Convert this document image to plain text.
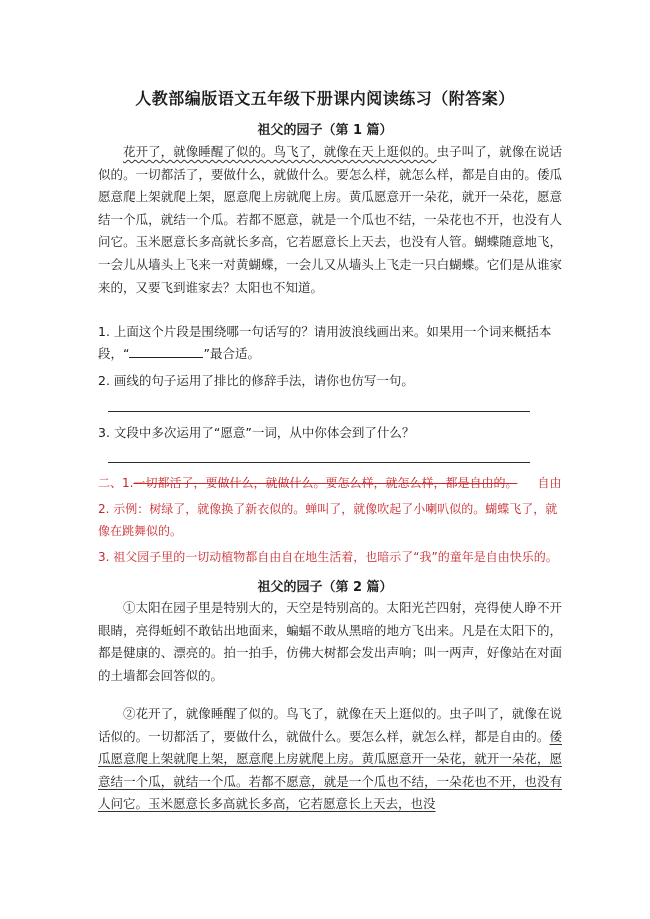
人教部编版语文五年级下册课内阅读练习（附答案）
祖父的园子（第 1 篇）
花开了，就像睡醒了似的。鸟飞了，就像在天上逛似的。虫子叫了，就像在说话似的。一切都活了，要做什么，就做什么。要怎么样，就怎么样，都是自由的。倭瓜愿意爬上架就爬上架，愿意爬上房就爬上房。黄瓜愿意开一朵花，就开一朵花，愿意结一个瓜，就结一个瓜。若都不愿意，就是一个瓜也不结，一朵花也不开，也没有人问它。玉米愿意长多高就长多高，它若愿意长上天去，也没有人管。蝴蝶随意地飞，一会儿从墙头上飞来一对黄蝴蝶，一会儿又从墙头上飞走一只白蝴蝶。它们是从谁家来的，又要飞到谁家去？太阳也不知道。
1. 上面这个片段是围绕哪一句话写的？请用波浪线画出来。如果用一个词来概括本段，“	”最合适。
2. 画线的句子运用了排比的修辞手法，请你也仿写一句。
3. 文段中多次运用了“愿意”一词，从中你体会到了什么？
二、1.一切都活了，要做什么，就做什么。要怎么样，就怎么样，都是自由的。 自由
2. 示例：树绿了，就像换了新衣似的。蝉叫了，就像吹起了小喇叭似的。蝴蝶飞了，就像在跳舞似的。
3. 祖父园子里的一切动植物都自由自在地生活着，也暗示了“我”的童年是自由快乐的。
祖父的园子（第 2 篇）
①太阳在园子里是特别大的，天空是特别高的。太阳光芒四射，亮得使人睁不开眼睛，亮得蚯蚓不敢钻出地面来，蝙蝠不敢从黑暗的地方飞出来。凡是在太阳下的，都是健康的、漂亮的。拍一拍手，仿佛大树都会发出声响；叫一两声，好像站在对面的土墙都会回答似的。
②花开了，就像睡醒了似的。鸟飞了，就像在天上逛似的。虫子叫了，就像在说话似的。一切都活了，要做什么，就做什么。要怎么样，就怎么样，都是自由的。倭瓜愿意爬上架就爬上架，愿意爬上房就爬上房。黄瓜愿意开一朵花，就开一朵花，愿意结一个瓜，就结一个瓜。若都不愿意，就是一个瓜也不结，一朵花也不开，也没有人问它。玉米愿意长多高就长多高，它若愿意长上天去，也没
